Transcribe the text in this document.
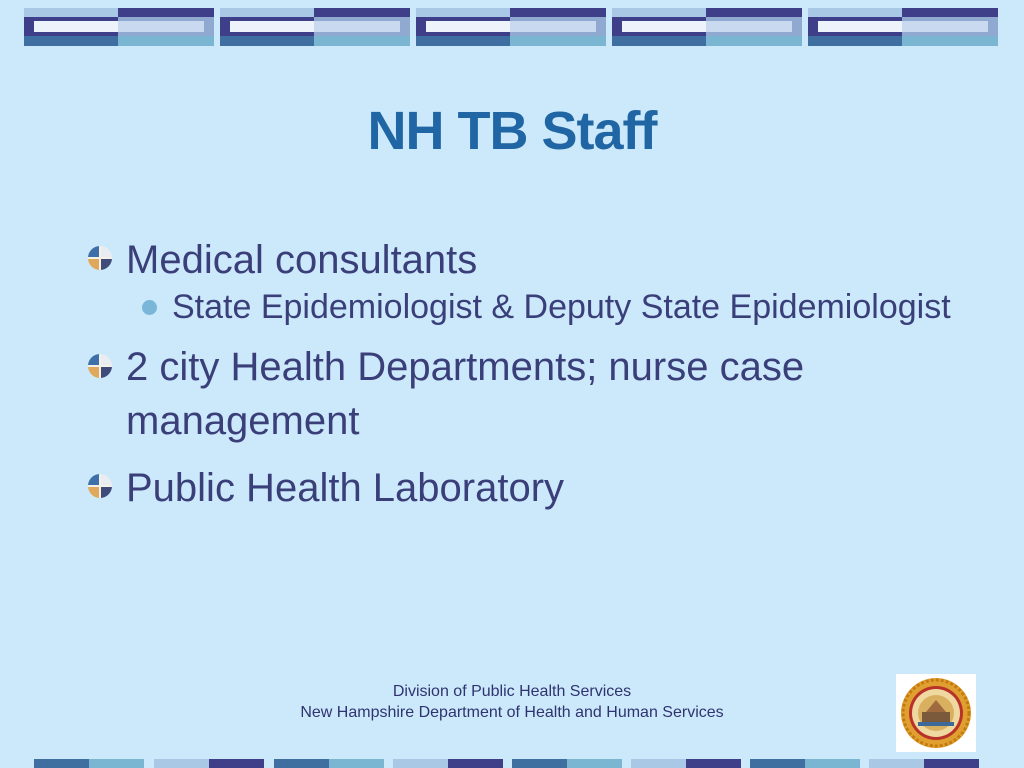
NH TB Staff
Medical consultants
State Epidemiologist & Deputy State Epidemiologist
2 city Health Departments; nurse case management
Public Health Laboratory
Division of Public Health Services
New Hampshire Department of Health and Human Services
